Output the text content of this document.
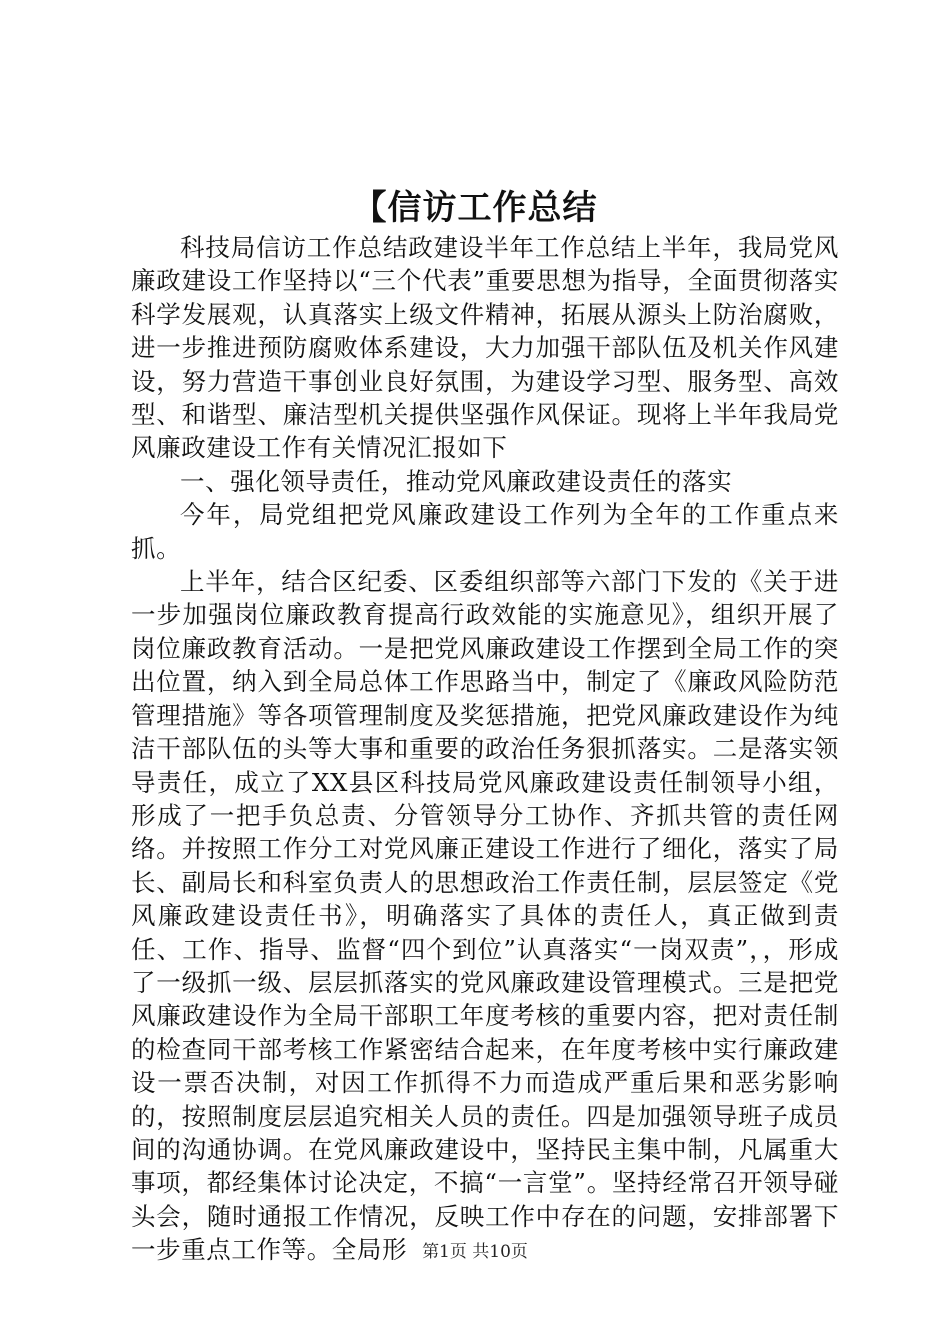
【信访工作总结

科技局信访工作总结政建设半年工作总结上半年，我局党风廉政建设工作坚持以“三个代表”重要思想为指导，全面贯彻落实科学发展观，认真落实上级文件精神，拓展从源头上防治腐败，进一步推进预防腐败体系建设，大力加强干部队伍及机关作风建设，努力营造干事创业良好氛围，为建设学习型、服务型、高效型、和谐型、廉洁型机关提供坚强作风保证。现将上半年我局党风廉政建设工作有关情况汇报如下

一、强化领导责任，推动党风廉政建设责任的落实

今年，局党组把党风廉政建设工作列为全年的工作重点来抓。

上半年，结合区纪委、区委组织部等六部门下发的《关于进一步加强岗位廉政教育提高行政效能的实施意见》，组织开展了岗位廉政教育活动。一是把党风廉政建设工作摆到全局工作的突出位置，纳入到全局总体工作思路当中，制定了《廉政风险防范管理措施》等各项管理制度及奖惩措施，把党风廉政建设作为纯洁干部队伍的头等大事和重要的政治任务狠抓落实。二是落实领导责任，成立了XX县区科技局党风廉政建设责任制领导小组，形成了一把手负总责、分管领导分工协作、齐抓共管的责任网络。并按照工作分工对党风廉正建设工作进行了细化，落实了局长、副局长和科室负责人的思想政治工作责任制，层层签定《党风廉政建设责任书》，明确落实了具体的责任人，真正做到责任、工作、指导、监督“四个到位”认真落实“一岗双责”，，形成了一级抓一级、层层抓落实的党风廉政建设管理模式。三是把党风廉政建设作为全局干部职工年度考核的重要内容，把对责任制的检查同干部考核工作紧密结合起来，在年度考核中实行廉政建设一票否决制，对因工作抓得不力而造成严重后果和恶劣影响的，按照制度层层追究相关人员的责任。四是加强领导班子成员间的沟通协调。在党风廉政建设中，坚持民主集中制，凡属重大事项，都经集体讨论决定，不搞“一言堂”。坚持经常召开领导碰头会，随时通报工作情况，反映工作中存在的问题，安排部署下一步重点工作等。全局形 第1页 共10页
